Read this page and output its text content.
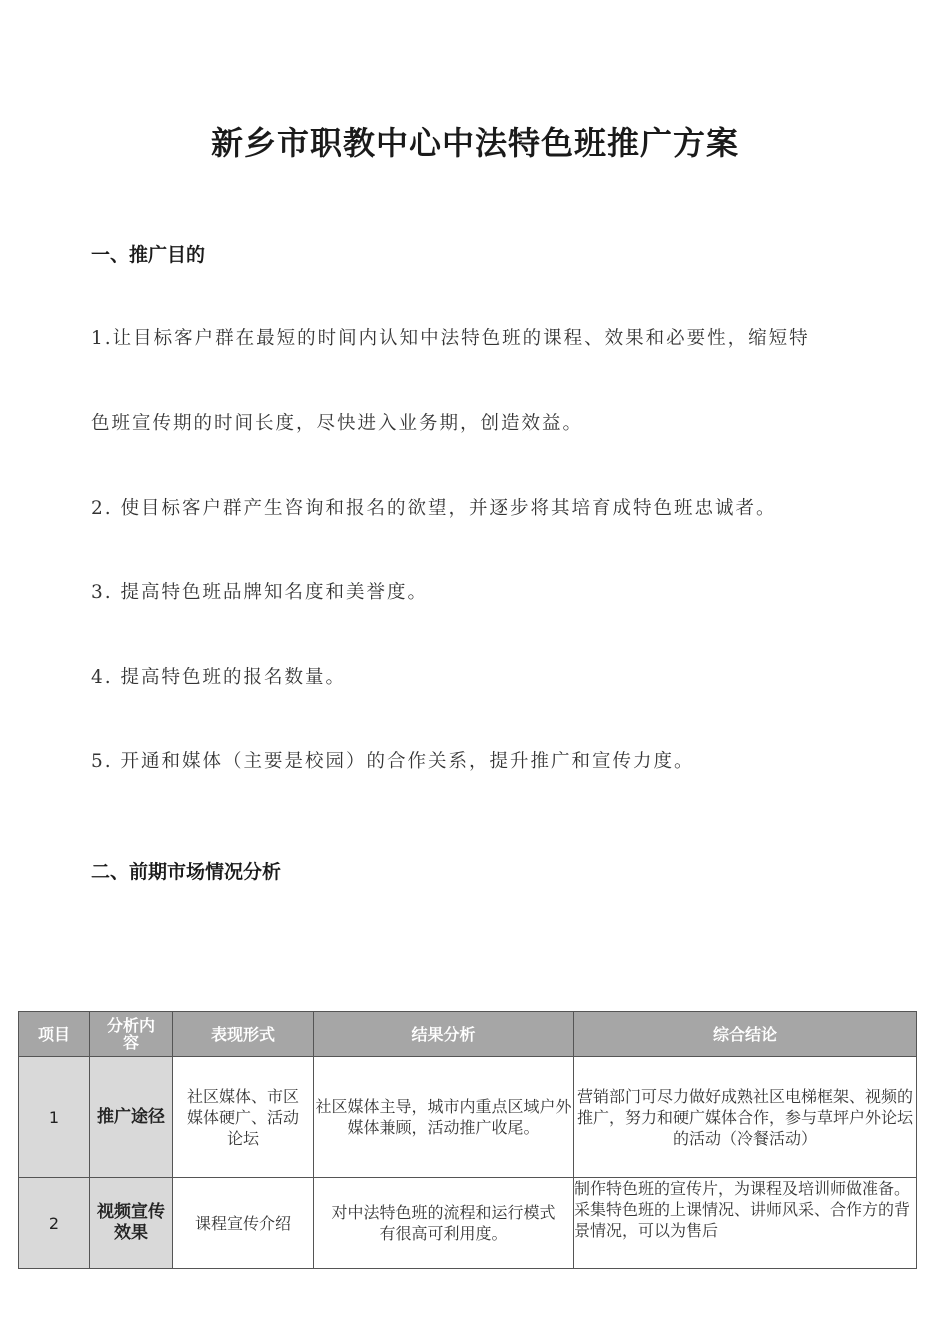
新乡市职教中心中法特色班推广方案
一、推广目的
1.让目标客户群在最短的时间内认知中法特色班的课程、效果和必要性，缩短特
色班宣传期的时间长度，尽快进入业务期，创造效益。
2. 使目标客户群产生咨询和报名的欲望，并逐步将其培育成特色班忠诚者。
3. 提高特色班品牌知名度和美誉度。
4. 提高特色班的报名数量。
5. 开通和媒体（主要是校园）的合作关系，提升推广和宣传力度。
二、前期市场情况分析
项目	分析内容	表现形式	结果分析	综合结论
1	推广途径	社区媒体、市区媒体硬广、活动论坛	社区媒体主导，城市内重点区域户外媒体兼顾，活动推广收尾。	营销部门可尽力做好成熟社区电梯框架、视频的推广，努力和硬广媒体合作，参与草坪户外论坛的活动（冷餐活动）
2	视频宣传效果	课程宣传介绍	对中法特色班的流程和运行模式有很高可利用度。	制作特色班的宣传片，为课程及培训师做准备。采集特色班的上课情况、讲师风采、合作方的背景情况，可以为售后
